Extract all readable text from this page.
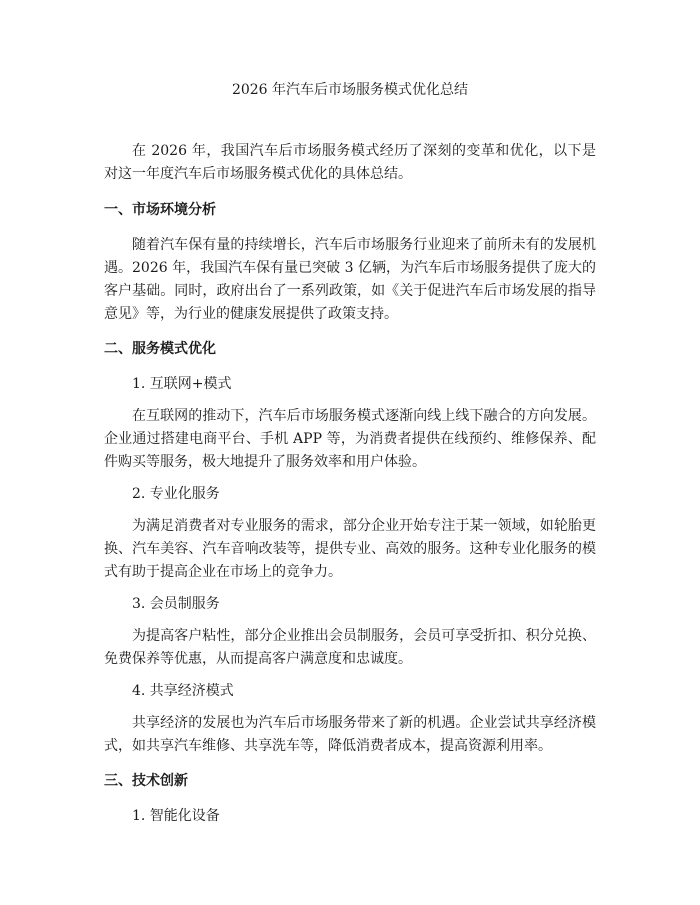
2026 年汽车后市场服务模式优化总结

在 2026 年，我国汽车后市场服务模式经历了深刻的变革和优化，以下是对这一年度汽车后市场服务模式优化的具体总结。

一、市场环境分析

随着汽车保有量的持续增长，汽车后市场服务行业迎来了前所未有的发展机遇。2026 年，我国汽车保有量已突破 3 亿辆，为汽车后市场服务提供了庞大的客户基础。同时，政府出台了一系列政策，如《关于促进汽车后市场发展的指导意见》等，为行业的健康发展提供了政策支持。

二、服务模式优化
1. 互联网+模式

在互联网的推动下，汽车后市场服务模式逐渐向线上线下融合的方向发展。企业通过搭建电商平台、手机 APP 等，为消费者提供在线预约、维修保养、配件购买等服务，极大地提升了服务效率和用户体验。

2. 专业化服务

为满足消费者对专业服务的需求，部分企业开始专注于某一领域，如轮胎更换、汽车美容、汽车音响改装等，提供专业、高效的服务。这种专业化服务的模式有助于提高企业在市场上的竞争力。

3. 会员制服务

为提高客户粘性，部分企业推出会员制服务，会员可享受折扣、积分兑换、免费保养等优惠，从而提高客户满意度和忠诚度。

4. 共享经济模式

共享经济的发展也为汽车后市场服务带来了新的机遇。企业尝试共享经济模式，如共享汽车维修、共享洗车等，降低消费者成本，提高资源利用率。

三、技术创新
1. 智能化设备
